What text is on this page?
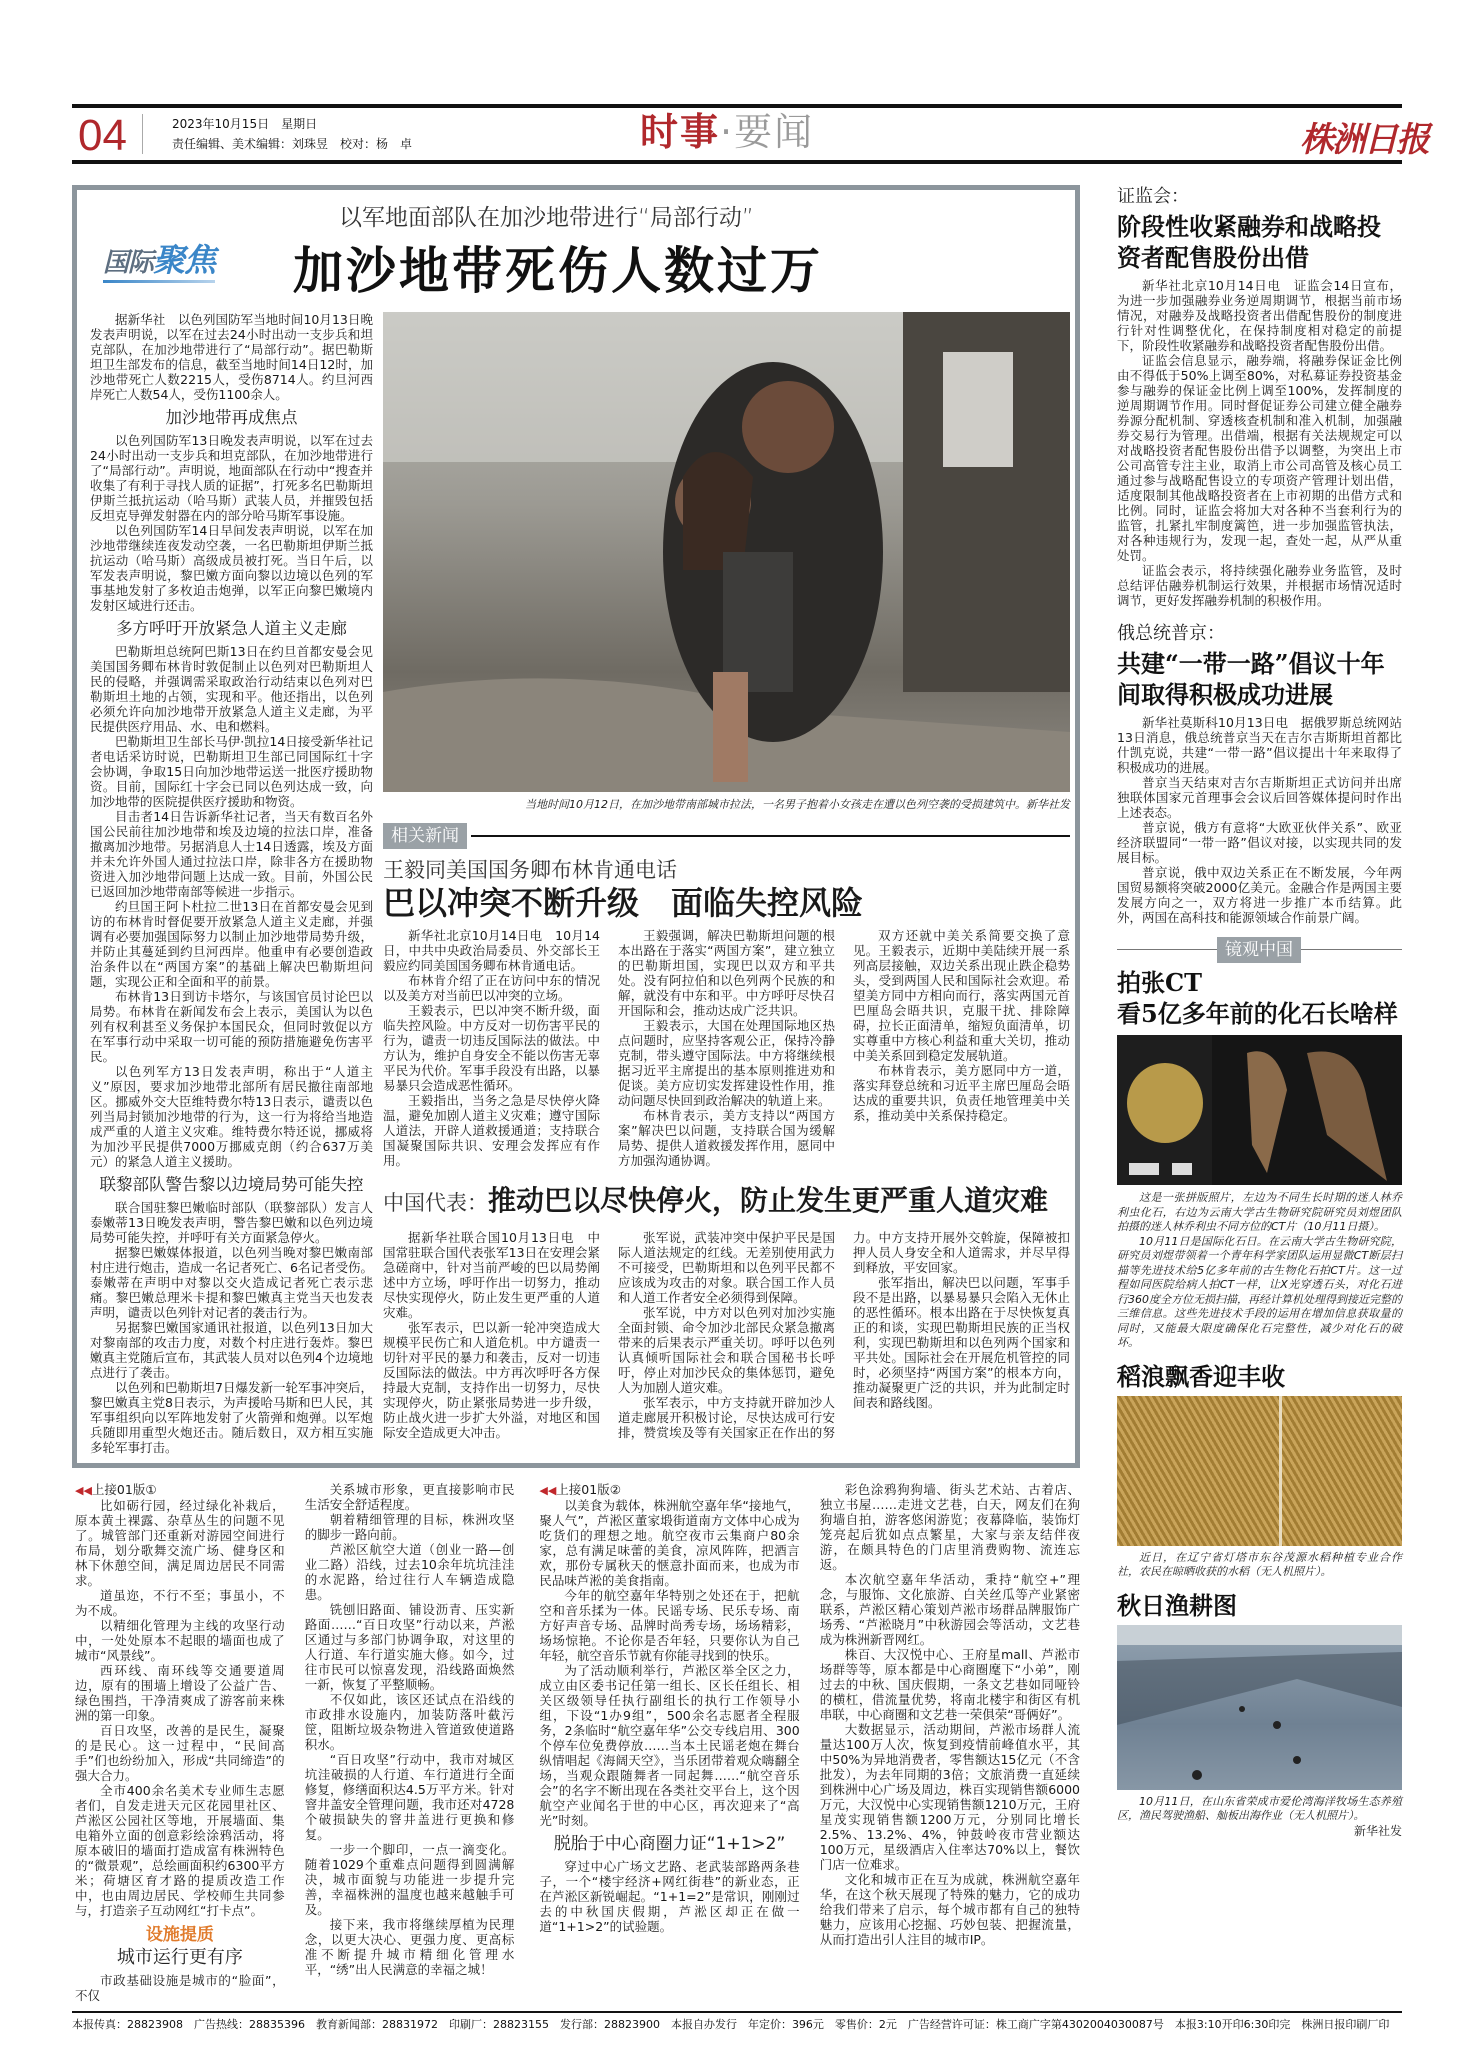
04	2023年10月15日　星期日
责任编辑、美术编辑：刘珠昱　校对：杨　卓	时事·要闻	株洲日报
国际聚焦
以军地面部队在加沙地带进行“局部行动”
加沙地带死伤人数过万

据新华社　以色列国防军当地时间10月13日晚发表声明说，以军在过去24小时出动一支步兵和坦克部队，在加沙地带进行了“局部行动”。据巴勒斯坦卫生部发布的信息，截至当地时间14日12时，加沙地带死亡人数2215人，受伤8714人。约旦河西岸死亡人数54人，受伤1100余人。

加沙地带再成焦点

以色列国防军13日晚发表声明说，以军在过去24小时出动一支步兵和坦克部队，在加沙地带进行了“局部行动”。声明说，地面部队在行动中“搜查并收集了有利于寻找人质的证据”，打死多名巴勒斯坦伊斯兰抵抗运动（哈马斯）武装人员，并摧毁包括反坦克导弹发射器在内的部分哈马斯军事设施。

以色列国防军14日早间发表声明说，以军在加沙地带继续连夜发动空袭，一名巴勒斯坦伊斯兰抵抗运动（哈马斯）高级成员被打死。当日午后，以军发表声明说，黎巴嫩方面向黎以边境以色列的军事基地发射了多枚迫击炮弹，以军正向黎巴嫩境内发射区域进行还击。

多方呼吁开放紧急人道主义走廊

巴勒斯坦总统阿巴斯13日在约旦首都安曼会见美国国务卿布林肯时敦促制止以色列对巴勒斯坦人民的侵略，并强调需采取政治行动结束以色列对巴勒斯坦土地的占领，实现和平。他还指出，以色列必须允许向加沙地带开放紧急人道主义走廊，为平民提供医疗用品、水、电和燃料。

巴勒斯坦卫生部长马伊·凯拉14日接受新华社记者电话采访时说，巴勒斯坦卫生部已同国际红十字会协调，争取15日向加沙地带运送一批医疗援助物资。目前，国际红十字会已同以色列达成一致，向加沙地带的医院提供医疗援助和物资。

目击者14日告诉新华社记者，当天有数百名外国公民前往加沙地带和埃及边境的拉法口岸，准备撤离加沙地带。另据消息人士14日透露，埃及方面并未允许外国人通过拉法口岸，除非各方在援助物资进入加沙地带问题上达成一致。目前，外国公民已返回加沙地带南部等候进一步指示。

约旦国王阿卜杜拉二世13日在首都安曼会见到访的布林肯时督促要开放紧急人道主义走廊，并强调有必要加强国际努力以制止加沙地带局势升级，并防止其蔓延到约旦河西岸。他重申有必要创造政治条件以在“两国方案”的基础上解决巴勒斯坦问题，实现公正和全面和平的前景。

布林肯13日到访卡塔尔，与该国官员讨论巴以局势。布林肯在新闻发布会上表示，美国认为以色列有权利甚至义务保护本国民众，但同时敦促以方在军事行动中采取一切可能的预防措施避免伤害平民。

以色列军方13日发表声明，称出于“人道主义”原因，要求加沙地带北部所有居民撤往南部地区。挪威外交大臣维特费尔特13日表示，谴责以色列当局封锁加沙地带的行为，这一行为将给当地造成严重的人道主义灾难。维特费尔特还说，挪威将为加沙平民提供7000万挪威克朗（约合637万美元）的紧急人道主义援助。

联黎部队警告黎以边境局势可能失控

联合国驻黎巴嫩临时部队（联黎部队）发言人泰嫩蒂13日晚发表声明，警告黎巴嫩和以色列边境局势可能失控，并呼吁有关方面紧急停火。

据黎巴嫩媒体报道，以色列当晚对黎巴嫩南部村庄进行炮击，造成一名记者死亡、6名记者受伤。泰嫩蒂在声明中对黎以交火造成记者死亡表示悲痛。黎巴嫩总理米卡提和黎巴嫩真主党当天也发表声明，谴责以色列针对记者的袭击行为。

另据黎巴嫩国家通讯社报道，以色列13日加大对黎南部的攻击力度，对数个村庄进行轰炸。黎巴嫩真主党随后宣布，其武装人员对以色列4个边境地点进行了袭击。

以色列和巴勒斯坦7日爆发新一轮军事冲突后，黎巴嫩真主党8日表示，为声援哈马斯和巴人民，其军事组织向以军阵地发射了火箭弹和炮弹。以军炮兵随即用重型火炮还击。随后数日，双方相互实施多轮军事打击。

当地时间10月12日，在加沙地带南部城市拉法，一名男子抱着小女孩走在遭以色列空袭的受损建筑中。新华社发
相关新闻
王毅同美国国务卿布林肯通电话
巴以冲突不断升级　面临失控风险

新华社北京10月14日电　10月14日，中共中央政治局委员、外交部长王毅应约同美国国务卿布林肯通电话。

布林肯介绍了正在访问中东的情况以及美方对当前巴以冲突的立场。

王毅表示，巴以冲突不断升级，面临失控风险。中方反对一切伤害平民的行为，谴责一切违反国际法的做法。中方认为，维护自身安全不能以伤害无辜平民为代价。军事手段没有出路，以暴易暴只会造成恶性循环。

王毅指出，当务之急是尽快停火降温，避免加剧人道主义灾难；遵守国际人道法，开辟人道救援通道；支持联合国凝聚国际共识、安理会发挥应有作用。

王毅强调，解决巴勒斯坦问题的根本出路在于落实“两国方案”，建立独立的巴勒斯坦国，实现巴以双方和平共处。没有阿拉伯和以色列两个民族的和解，就没有中东和平。中方呼吁尽快召开国际和会，推动达成广泛共识。

王毅表示，大国在处理国际地区热点问题时，应坚持客观公正，保持冷静克制，带头遵守国际法。中方将继续根据习近平主席提出的基本原则推进劝和促谈。美方应切实发挥建设性作用，推动问题尽快回到政治解决的轨道上来。

布林肯表示，美方支持以“两国方案”解决巴以问题，支持联合国为缓解局势、提供人道救援发挥作用，愿同中方加强沟通协调。

双方还就中美关系简要交换了意见。王毅表示，近期中美陆续开展一系列高层接触，双边关系出现止跌企稳势头，受到两国人民和国际社会欢迎。希望美方同中方相向而行，落实两国元首巴厘岛会晤共识，克服干扰、排除障碍，拉长正面清单，缩短负面清单，切实尊重中方核心利益和重大关切，推动中美关系回到稳定发展轨道。

布林肯表示，美方愿同中方一道，落实拜登总统和习近平主席巴厘岛会晤达成的重要共识，负责任地管理美中关系，推动美中关系保持稳定。

中国代表：推动巴以尽快停火，防止发生更严重人道灾难

据新华社联合国10月13日电　中国常驻联合国代表张军13日在安理会紧急磋商中，针对当前严峻的巴以局势阐述中方立场，呼吁作出一切努力，推动尽快实现停火，防止发生更严重的人道灾难。

张军表示，巴以新一轮冲突造成大规模平民伤亡和人道危机。中方谴责一切针对平民的暴力和袭击，反对一切违反国际法的做法。中方再次呼吁各方保持最大克制，支持作出一切努力，尽快实现停火，防止紧张局势进一步升级，防止战火进一步扩大外溢，对地区和国际安全造成更大冲击。

张军说，武装冲突中保护平民是国际人道法规定的红线。无差别使用武力不可接受，巴勒斯坦和以色列平民都不应该成为攻击的对象。联合国工作人员和人道工作者安全必须得到保障。

张军说，中方对以色列对加沙实施全面封锁、命令加沙北部民众紧急撤离带来的后果表示严重关切。呼吁以色列认真倾听国际社会和联合国秘书长呼吁，停止对加沙民众的集体惩罚，避免人为加剧人道灾难。

张军表示，中方支持就开辟加沙人道走廊展开积极讨论，尽快达成可行安排，赞赏埃及等有关国家正在作出的努力。中方支持开展外交斡旋，保障被扣押人员人身安全和人道需求，并尽早得到释放，平安回家。

张军指出，解决巴以问题，军事手段不是出路，以暴易暴只会陷入无休止的恶性循环。根本出路在于尽快恢复真正的和谈，实现巴勒斯坦民族的正当权利，实现巴勒斯坦和以色列两个国家和平共处。国际社会在开展危机管控的同时，必须坚持“两国方案”的根本方向，推动凝聚更广泛的共识，并为此制定时间表和路线图。

◀◀上接01版①

比如砺行园，经过绿化补栽后，原本黄土裸露、杂草丛生的问题不见了。城管部门还重新对游园空间进行布局，划分歌舞交流广场、健身区和林下休憩空间，满足周边居民不同需求。

道虽迩，不行不至；事虽小，不为不成。

以精细化管理为主线的攻坚行动中，一处处原本不起眼的墙面也成了城市“风景线”。

西环线、南环线等交通要道周边，原有的围墙上增设了公益广告、绿色围挡，干净清爽成了游客前来株洲的第一印象。

百日攻坚，改善的是民生，凝聚的是民心。这一过程中，“民间高手”们也纷纷加入，形成“共同缔造”的强大合力。

全市400余名美术专业师生志愿者们，自发走进天元区花园里社区、芦淞区公园社区等地，开展墙面、集电箱外立面的创意彩绘涂鸦活动，将原本破旧的墙面打造成富有株洲特色的“微景观”，总绘画面积约6300平方米；荷塘区育才路的提质改造工作中，也由周边居民、学校师生共同参与，打造亲子互动网红“打卡点”。

设施提质
城市运行更有序

市政基础设施是城市的“脸面”，不仅

关系城市形象，更直接影响市民生活安全舒适程度。

朝着精细管理的目标，株洲攻坚的脚步一路向前。

芦淞区航空大道（创业一路—创业二路）沿线，过去10余年坑坑洼洼的水泥路，给过往行人车辆造成隐患。

铣刨旧路面、铺设沥青、压实新路面……“百日攻坚”行动以来，芦淞区通过与多部门协调争取，对这里的人行道、车行道实施大修。如今，过往市民可以惊喜发现，沿线路面焕然一新，恢复了平整顺畅。

不仅如此，该区还试点在沿线的市政排水设施内，加装防落叶截污筐，阻断垃圾杂物进入管道致使道路积水。

“百日攻坚”行动中，我市对城区坑洼破损的人行道、车行道进行全面修复，修缮面积达4.5万平方米。针对窨井盖安全管理问题，我市还对4728个破损缺失的窨井盖进行更换和修复。

一步一个脚印，一点一滴变化。随着1029个重难点问题得到圆满解决，城市面貌与功能进一步提升完善，幸福株洲的温度也越来越触手可及。

接下来，我市将继续厚植为民理念，以更大决心、更强力度、更高标准不断提升城市精细化管理水平，“绣”出人民满意的幸福之城！

◀◀上接01版②

以美食为载体，株洲航空嘉年华“接地气，聚人气”，芦淞区董家塅街道南方文体中心成为吃货们的理想之地。航空夜市云集商户80余家，总有满足味蕾的美食，凉风阵阵，把酒言欢，那份专属秋天的惬意扑面而来，也成为市民品味芦淞的美食指南。

今年的航空嘉年华特别之处还在于，把航空和音乐揉为一体。民谣专场、民乐专场、南方好声音专场、品牌时尚秀专场，场场精彩，场场惊艳。不论你是否年轻，只要你认为自己年轻，航空音乐节就有你能寻找到的快乐。

为了活动顺利举行，芦淞区举全区之力，成立由区委书记任第一组长、区长任组长、相关区级领导任执行副组长的执行工作领导小组，下设“1办9组”，500余名志愿者全程服务，2条临时“航空嘉年华”公交专线启用、300个停车位免费停放……当本土民谣老炮在舞台纵情唱起《海阔天空》，当乐团带着观众嗨翻全场，当观众跟随舞者一同起舞……“航空音乐会”的名字不断出现在各类社交平台上，这个因航空产业闻名于世的中心区，再次迎来了“高光”时刻。

脱胎于中心商圈力证“1+1>2”

穿过中心广场文艺路、老武装部路两条巷子，一个“楼宇经济+网红街巷”的新业态，正在芦淞区新锐崛起。“1+1=2”是常识，刚刚过去的中秋国庆假期，芦淞区却正在做一道“1+1>2”的试验题。

彩色涂鸦狗狗墙、街头艺术站、古着店、独立书屋……走进文艺巷，白天，网友们在狗狗墙自拍，游客悠闲游览；夜幕降临，装饰灯笼亮起后犹如点点繁星，大家与亲友结伴夜游，在颇具特色的门店里消费购物、流连忘返。

本次航空嘉年华活动，秉持“航空+”理念，与服饰、文化旅游、白关丝瓜等产业紧密联系，芦淞区精心策划芦淞市场群品牌服饰广场秀、“芦淞晓月”中秋游园会等活动，文艺巷成为株洲新晋网红。

株百、大汉悦中心、王府星mall、芦淞市场群等等，原本都是中心商圈麾下“小弟”，刚过去的中秋、国庆假期，一条文艺巷如同哑铃的横杠，借流量优势，将南北楼宇和街区有机串联，中心商圈和文艺巷一荣俱荣“哥俩好”。

大数据显示，活动期间，芦淞市场群人流量达100万人次，恢复到疫情前峰值水平，其中50%为异地消费者，零售额达15亿元（不含批发），为去年同期的3倍；文旅消费一直延续到株洲中心广场及周边，株百实现销售额6000万元，大汉悦中心实现销售额1210万元，王府星茂实现销售额1200万元，分别同比增长2.5%、13.2%、4%，钟鼓岭夜市营业额达100万元，星级酒店入住率达70%以上，餐饮门店一位难求。

文化和城市正在互为成就，株洲航空嘉年华，在这个秋天展现了特殊的魅力，它的成功给我们带来了启示，每个城市都有自己的独特魅力，应该用心挖掘、巧妙包装、把握流量，从而打造出引人注目的城市IP。

证监会：
阶段性收紧融券和战略投资者配售股份出借

新华社北京10月14日电　证监会14日宣布，为进一步加强融券业务逆周期调节，根据当前市场情况，对融券及战略投资者出借配售股份的制度进行针对性调整优化，在保持制度相对稳定的前提下，阶段性收紧融券和战略投资者配售股份出借。

证监会信息显示，融券端，将融券保证金比例由不得低于50%上调至80%，对私募证券投资基金参与融券的保证金比例上调至100%，发挥制度的逆周期调节作用。同时督促证券公司建立健全融券券源分配机制、穿透核查机制和准入机制，加强融券交易行为管理。出借端，根据有关法规规定可以对战略投资者配售股份出借予以调整，为突出上市公司高管专注主业，取消上市公司高管及核心员工通过参与战略配售设立的专项资产管理计划出借，适度限制其他战略投资者在上市初期的出借方式和比例。同时，证监会将加大对各种不当套利行为的监管，扎紧扎牢制度篱笆，进一步加强监管执法，对各种违规行为，发现一起，查处一起，从严从重处罚。

证监会表示，将持续强化融券业务监管，及时总结评估融券机制运行效果，并根据市场情况适时调节，更好发挥融券机制的积极作用。

俄总统普京：
共建“一带一路”倡议十年间取得积极成功进展

新华社莫斯科10月13日电　据俄罗斯总统网站13日消息，俄总统普京当天在吉尔吉斯斯坦首都比什凯克说，共建“一带一路”倡议提出十年来取得了积极成功的进展。

普京当天结束对吉尔吉斯斯坦正式访问并出席独联体国家元首理事会会议后回答媒体提问时作出上述表态。

普京说，俄方有意将“大欧亚伙伴关系”、欧亚经济联盟同“一带一路”倡议对接，以实现共同的发展目标。

普京说，俄中双边关系正在不断发展，今年两国贸易额将突破2000亿美元。金融合作是两国主要发展方向之一，双方将进一步推广本币结算。此外，两国在高科技和能源领域合作前景广阔。

镜观中国
拍张CT
看5亿多年前的化石长啥样

这是一张拼版照片，左边为不同生长时期的迷人林乔利虫化石，右边为云南大学古生物研究院研究员刘煜团队拍摄的迷人林乔利虫不同方位的CT片（10月11日摄）。

10月11日是国际化石日。在云南大学古生物研究院，研究员刘煜带领着一个青年科学家团队运用显微CT断层扫描等先进技术给5亿多年前的古生物化石拍CT片。这一过程如同医院给病人拍CT一样，让X光穿透石头，对化石进行360度全方位无损扫描，再经计算机处理得到接近完整的三维信息。这些先进技术手段的运用在增加信息获取量的同时，又能最大限度确保化石完整性，减少对化石的破坏。

稻浪飘香迎丰收

近日，在辽宁省灯塔市东谷茂源水稻种植专业合作社，农民在晾晒收获的水稻（无人机照片）。

秋日渔耕图

10月11日，在山东省荣成市爱伦湾海洋牧场生态养殖区，渔民驾驶渔船、舢板出海作业（无人机照片）。

新华社发
本报传真：28823908　广告热线：28835396　教育新闻部：28831972　印刷厂：28823155　发行部：28823900　本报自办发行　年定价：396元　零售价：2元　广告经营许可证：株工商广字第4302004030087号　本报3:10开印6:30印完　株洲日报印刷厂印
